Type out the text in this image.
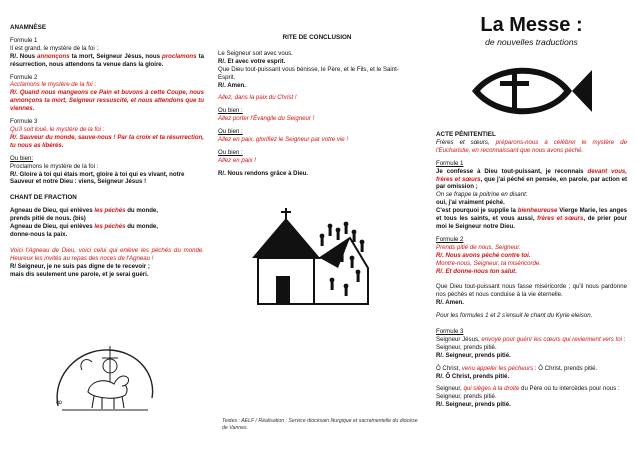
ANAMNÈSE

Formule 1

Il est grand, le mystère de la foi :

R/. Nous annonçons ta mort, Seigneur Jésus, nous proclamons ta résurrection, nous attendons ta venue dans la gloire.

Formule 2

Acclamons le mystère de la foi :

R/. Quand nous mangeons ce Pain et buvons à cette Coupe, nous annonçons ta mort, Seigneur ressuscité, et nous attendons que tu viennes.

Formule 3

Qu'il soit loué, le mystère de la foi :

R/. Sauveur du monde, sauve-nous ! Par ta croix et ta résurrection, tu nous as libérés.

Ou bien:

Proclamons le mystère de la foi :

R/. Gloire à toi qui étais mort, gloire à toi qui es vivant, notre Sauveur et notre Dieu : viens, Seigneur Jésus !

CHANT DE FRACTION

Agneau de Dieu, qui enlèves les péchés du monde,

prends pitié de nous. (bis)

Agneau de Dieu, qui enlèves les péchés du monde,

donne-nous la paix.

Voici l'Agneau de Dieu, voici celui qui enlève les péchés du monde. Heureux les invités au repas des noces de l'Agneau !

R/ Seigneur, je ne suis pas digne de te recevoir ;

mais dis seulement une parole, et je serai guéri.

ꝏ

RITE DE CONCLUSION

Le Seigneur soit avec vous.

R/. Et avec votre esprit.

Que Dieu tout-puissant vous bénisse, le Père, et le Fils, et le Saint-Esprit.

R/. Amen.

Allez, dans la paix du Christ !

Ou bien :

Allez porter l'Évangile du Seigneur !

Ou bien :

Allez en paix, glorifiez le Seigneur par votre vie !

Ou bien :

Allez en paix !

R/. Nous rendons grâce à Dieu.

Textes : AELF / Réalisation : Service diocésain liturgique et sacramentelle du diocèse de Vannes.

La Messe :

de nouvelles traductions

ACTE PÉNITENTIEL

Frères et sœurs, préparons-nous à célébrer le mystère de l'Eucharistie, en reconnaissant que nous avons péché.

Formule 1

Je confesse à Dieu tout-puissant, je reconnais devant vous, frères et sœurs, que j'ai péché en pensée, en parole, par action et par omission ;

On se frappe la poitrine en disant:

oui, j'ai vraiment péché.

C'est pourquoi je supplie la bienheureuse Vierge Marie, les anges et tous les saints, et vous aussi, frères et sœurs, de prier pour moi le Seigneur notre Dieu.

Formule 2

Prends pitié de nous, Seigneur.

R/. Nous avons péché contre toi.

Montre-nous, Seigneur, ta miséricorde.

R/. Et donne-nous ton salut.

Que Dieu tout-puissant nous fasse miséricorde ; qu'il nous pardonne nos péchés et nous conduise à la vie éternelle.

R/. Amen.

Pour les formules 1 et 2 s'ensuit le chant du Kyrie eleison.

Formule 3

Seigneur Jésus, envoyé pour guérir les cœurs qui reviennent vers toi : Seigneur, prends pitié.

R/. Seigneur, prends pitié.

Ô Christ, venu appeler les pécheurs : Ô Christ, prends pitié.

R/. Ô Christ, prends pitié.

Seigneur, qui sièges à la droite du Père où tu intercèdes pour nous : Seigneur, prends pitié.

R/. Seigneur, prends pitié.
